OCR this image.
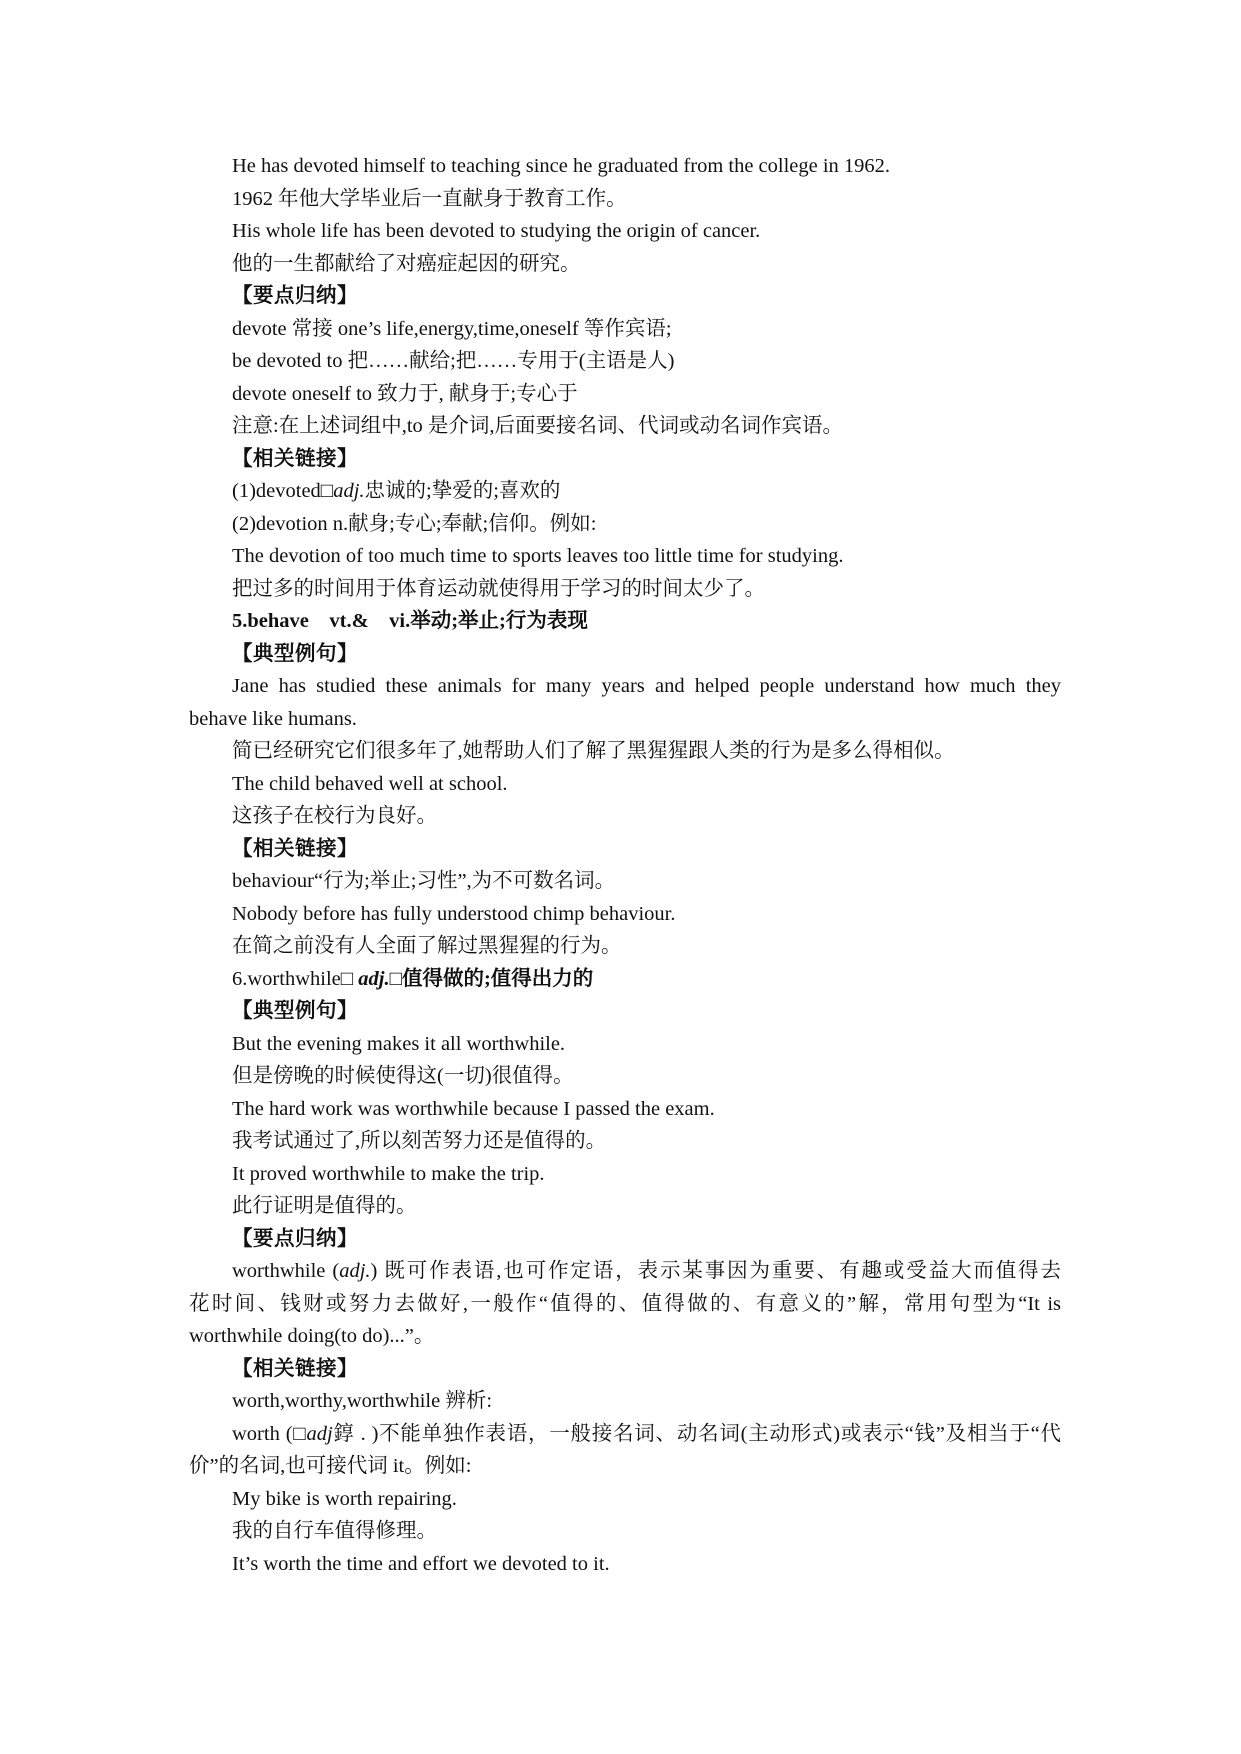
He has devoted himself to teaching since he graduated from the college in 1962.
1962 年他大学毕业后一直献身于教育工作。
His whole life has been devoted to studying the origin of cancer.
他的一生都献给了对癌症起因的研究。
【要点归纳】
devote 常接 one’s life,energy,time,oneself 等作宾语;
be devoted to 把……献给;把……专用于(主语是人)
devote oneself to 致力于, 献身于;专心于
注意:在上述词组中,to 是介词,后面要接名词、代词或动名词作宾语。
【相关链接】
(1)devoted□adj.忠诚的;挚爱的;喜欢的
(2)devotion n.献身;专心;奉献;信仰。例如:
The devotion of too much time to sports leaves too little time for studying.
把过多的时间用于体育运动就使得用于学习的时间太少了。
5.behave　vt.&　vi.举动;举止;行为表现
【典型例句】
Jane has studied these animals for many years and helped people understand how much they
behave like humans.
简已经研究它们很多年了,她帮助人们了解了黑猩猩跟人类的行为是多么得相似。
The child behaved well at school.
这孩子在校行为良好。
【相关链接】
behaviour“行为;举止;习性”,为不可数名词。
Nobody before has fully understood chimp behaviour.
在简之前没有人全面了解过黑猩猩的行为。
6.worthwhile□ adj.□值得做的;值得出力的
【典型例句】
But the evening makes it all worthwhile.
但是傍晚的时候使得这(一切)很值得。
The hard work was worthwhile because I passed the exam.
我考试通过了,所以刻苦努力还是值得的。
It proved worthwhile to make the trip.
此行证明是值得的。
【要点归纳】
worthwhile (adj.) 既可作表语,也可作定语，表示某事因为重要、有趣或受益大而值得去
花时间、钱财或努力去做好,一般作“值得的、值得做的、有意义的”解，常用句型为“It is
worthwhile doing(to do)...”。
【相关链接】
worth,worthy,worthwhile 辨析:
worth (□adj錞 . )不能单独作表语，一般接名词、动名词(主动形式)或表示“钱”及相当于“代
价”的名词,也可接代词 it。例如:
My bike is worth repairing.
我的自行车值得修理。
It’s worth the time and effort we devoted to it.
